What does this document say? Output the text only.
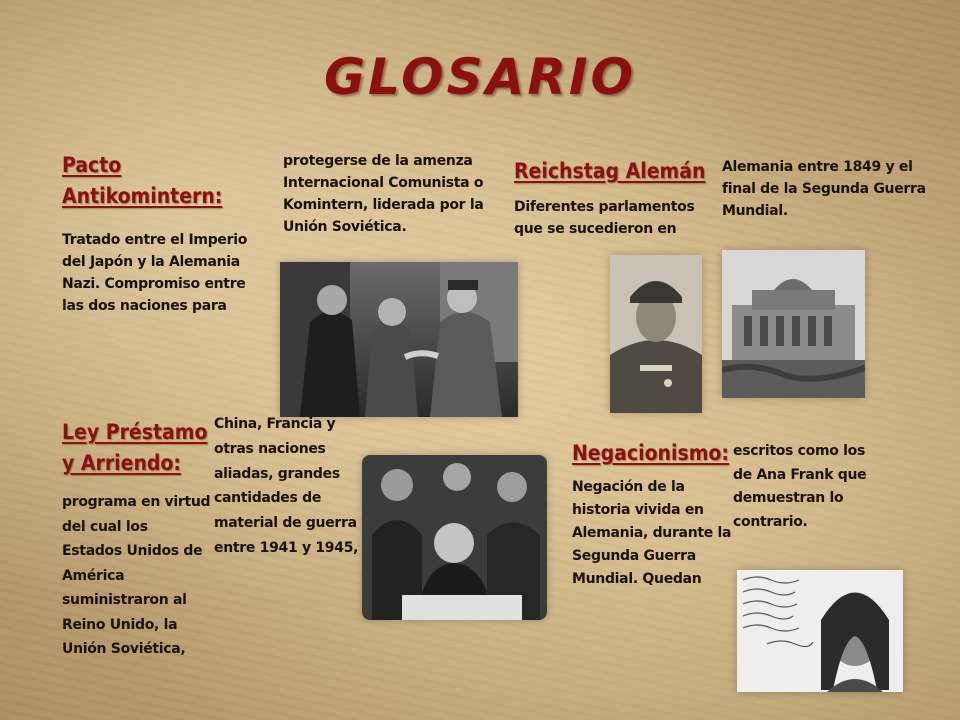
GLOSARIO
Pacto Antikomintern:
Tratado entre el Imperio del Japón y la Alemania Nazi. Compromiso entre las dos naciones para
protegerse de la amenza Internacional Comunista o Komintern, liderada por la Unión Soviética.
Reichstag Alemán
Diferentes parlamentos que se sucedieron en
Alemania entre 1849 y el final de la Segunda Guerra Mundial.
Ley Préstamo y Arriendo:
programa en virtud del cual los Estados Unidos de América suministraron al Reino Unido, la Unión Soviética,
China, Francia y otras naciones aliadas, grandes cantidades de material de guerra entre 1941 y 1945,
Negacionismo:
Negación de la historia vivida en Alemania, durante la Segunda Guerra Mundial. Quedan
escritos como los de Ana Frank que demuestran lo contrario.
